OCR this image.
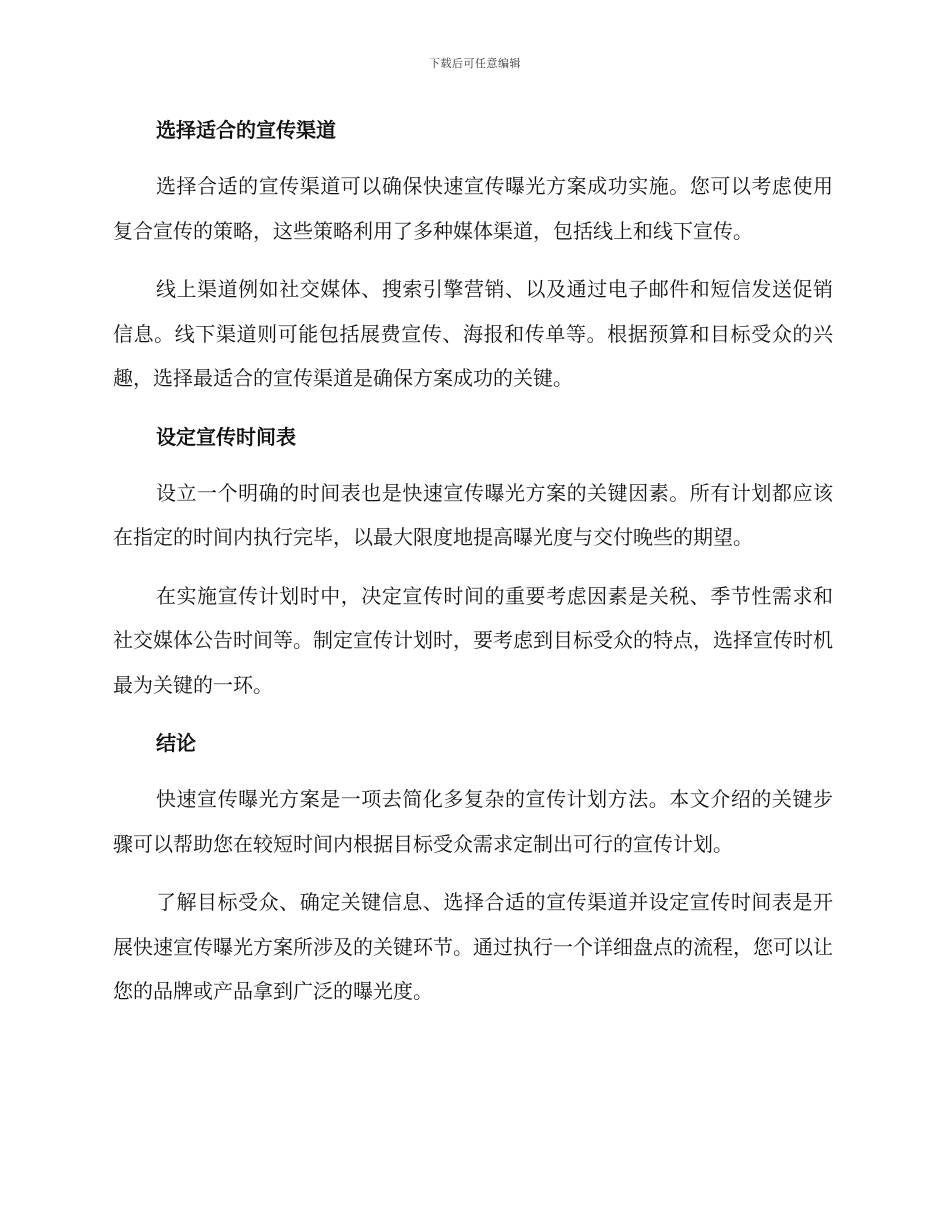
下载后可任意编辑
选择适合的宣传渠道

选择合适的宣传渠道可以确保快速宣传曝光方案成功实施。您可以考虑使用复合宣传的策略，这些策略利用了多种媒体渠道，包括线上和线下宣传。

线上渠道例如社交媒体、搜索引擎营销、以及通过电子邮件和短信发送促销信息。线下渠道则可能包括展费宣传、海报和传单等。根据预算和目标受众的兴趣，选择最适合的宣传渠道是确保方案成功的关键。

设定宣传时间表

设立一个明确的时间表也是快速宣传曝光方案的关键因素。所有计划都应该在指定的时间内执行完毕，以最大限度地提高曝光度与交付晚些的期望。

在实施宣传计划时中，决定宣传时间的重要考虑因素是关税、季节性需求和社交媒体公告时间等。制定宣传计划时，要考虑到目标受众的特点，选择宣传时机最为关键的一环。

结论

快速宣传曝光方案是一项去简化多复杂的宣传计划方法。本文介绍的关键步骤可以帮助您在较短时间内根据目标受众需求定制出可行的宣传计划。

了解目标受众、确定关键信息、选择合适的宣传渠道并设定宣传时间表是开展快速宣传曝光方案所涉及的关键环节。通过执行一个详细盘点的流程，您可以让您的品牌或产品拿到广泛的曝光度。
